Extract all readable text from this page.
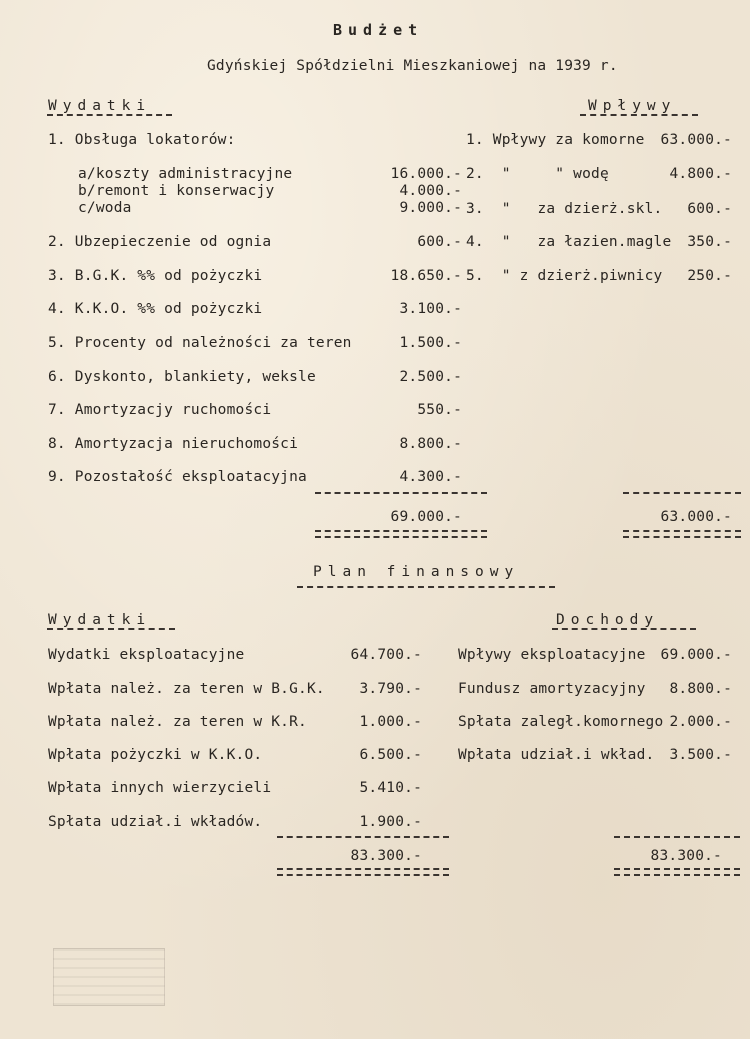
Budżet
Gdyńskiej Spółdzielni Mieszkaniowej na 1939 r.
Wydatki	Wpływy
1. Obsługa lokatorów:
a/koszty administracyjne	16.000.-
b/remont i konserwacjy	4.000.-
c/woda	9.000.-
2. Ubzepieczenie od ognia	600.-
3. B.G.K. %% od pożyczki	18.650.-
4. K.K.O. %% od pożyczki	3.100.-
5. Procenty od należności za teren	1.500.-
6. Dyskonto, blankiety, weksle	2.500.-
7. Amortyzacjy ruchomości	550.-
8. Amortyzacja nieruchomości	8.800.-
9. Pozostałość eksploatacyjna	4.300.-
69.000.-
1. Wpływy za komorne	63.000.-
2.  "     " wodę	4.800.-
3.  "   za dzierż.skl.	600.-
4.  "   za łazien.magle	350.-
5.  " z dzierż.piwnicy	250.-
63.000.-
Plan finansowy
Wydatki	Dochody
Wydatki eksploatacyjne	64.700.-
Wpłata należ. za teren w B.G.K.	3.790.-
Wpłata należ. za teren w K.R.	1.000.-
Wpłata pożyczki w K.K.O.	6.500.-
Wpłata innych wierzycieli	5.410.-
Spłata udział.i wkładów.	1.900.-
83.300.-
Wpływy eksploatacyjne	69.000.-
Fundusz amortyzacyjny	8.800.-
Spłata zaległ.komornego 2.000.-
Wpłata udział.i wkład.	3.500.-
83.300.-
